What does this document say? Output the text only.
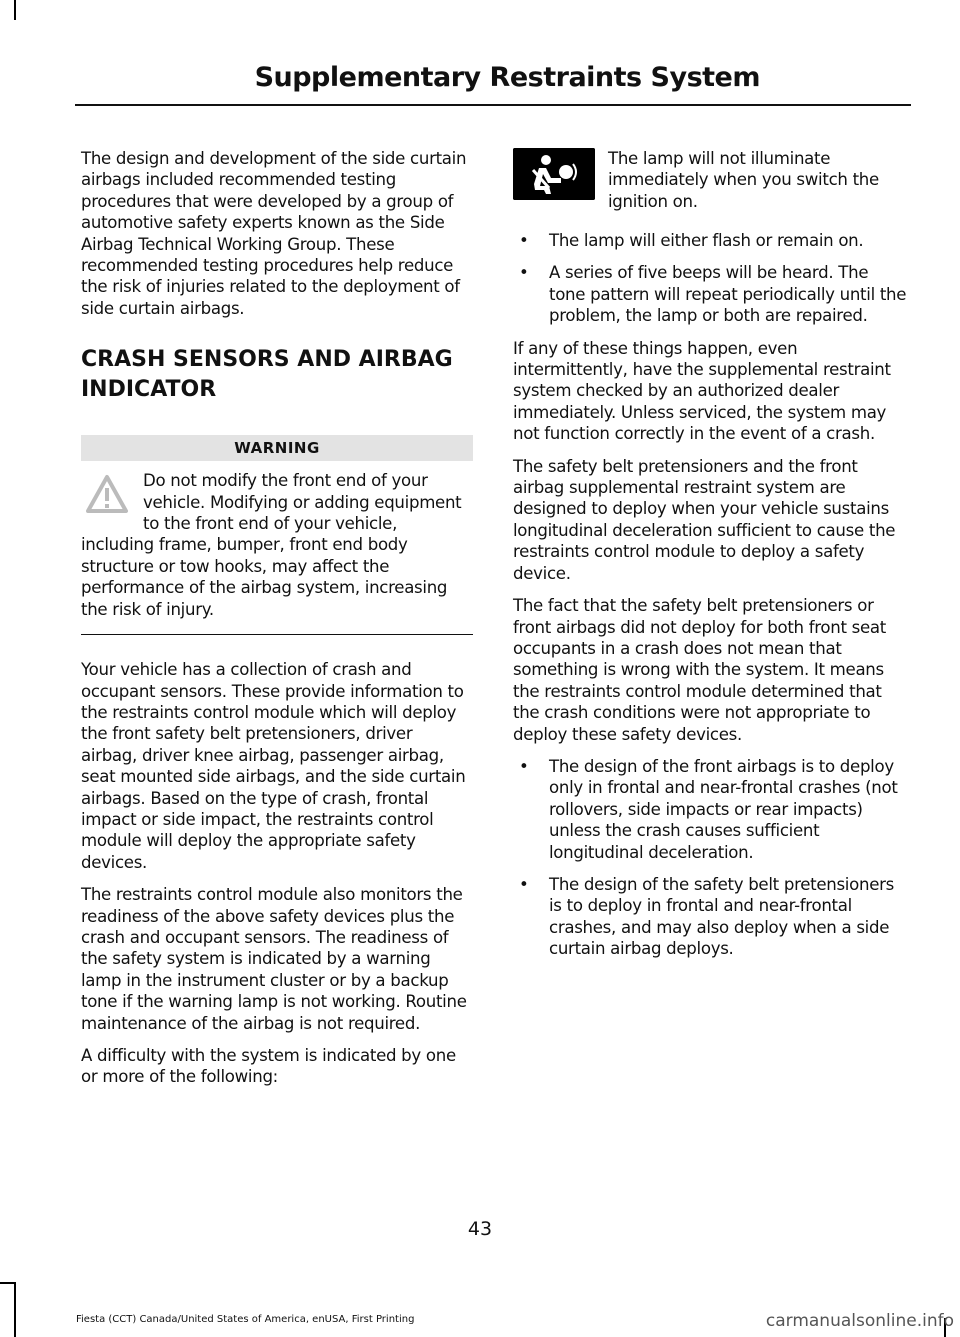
Supplementary Restraints System

The design and development of the side curtain airbags included recommended testing procedures that were developed by a group of automotive safety experts known as the Side Airbag Technical Working Group. These recommended testing procedures help reduce the risk of injuries related to the deployment of side curtain airbags.

CRASH SENSORS AND AIRBAG INDICATOR
WARNING

Do not modify the front end of your vehicle. Modifying or adding equipment to the front end of your vehicle, including frame, bumper, front end body structure or tow hooks, may affect the performance of the airbag system, increasing the risk of injury.

Your vehicle has a collection of crash and occupant sensors. These provide information to the restraints control module which will deploy the front safety belt pretensioners, driver airbag, driver knee airbag, passenger airbag, seat mounted side airbags, and the side curtain airbags. Based on the type of crash, frontal impact or side impact, the restraints control module will deploy the appropriate safety devices.

The restraints control module also monitors the readiness of the above safety devices plus the crash and occupant sensors. The readiness of the safety system is indicated by a warning lamp in the instrument cluster or by a backup tone if the warning lamp is not working. Routine maintenance of the airbag is not required.

A difficulty with the system is indicated by one or more of the following:

The lamp will not illuminate immediately when you switch the ignition on.

• The lamp will either flash or remain on.
• A series of five beeps will be heard. The tone pattern will repeat periodically until the problem, the lamp or both are repaired.

If any of these things happen, even intermittently, have the supplemental restraint system checked by an authorized dealer immediately. Unless serviced, the system may not function correctly in the event of a crash.

The safety belt pretensioners and the front airbag supplemental restraint system are designed to deploy when your vehicle sustains longitudinal deceleration sufficient to cause the restraints control module to deploy a safety device.

The fact that the safety belt pretensioners or front airbags did not deploy for both front seat occupants in a crash does not mean that something is wrong with the system. It means the restraints control module determined that the crash conditions were not appropriate to deploy these safety devices.

• The design of the front airbags is to deploy only in frontal and near-frontal crashes (not rollovers, side impacts or rear impacts) unless the crash causes sufficient longitudinal deceleration.
• The design of the safety belt pretensioners is to deploy in frontal and near-frontal crashes, and may also deploy when a side curtain airbag deploys.
43
Fiesta (CCT) Canada/United States of America, enUSA, First Printing	carmanualsonline.info
